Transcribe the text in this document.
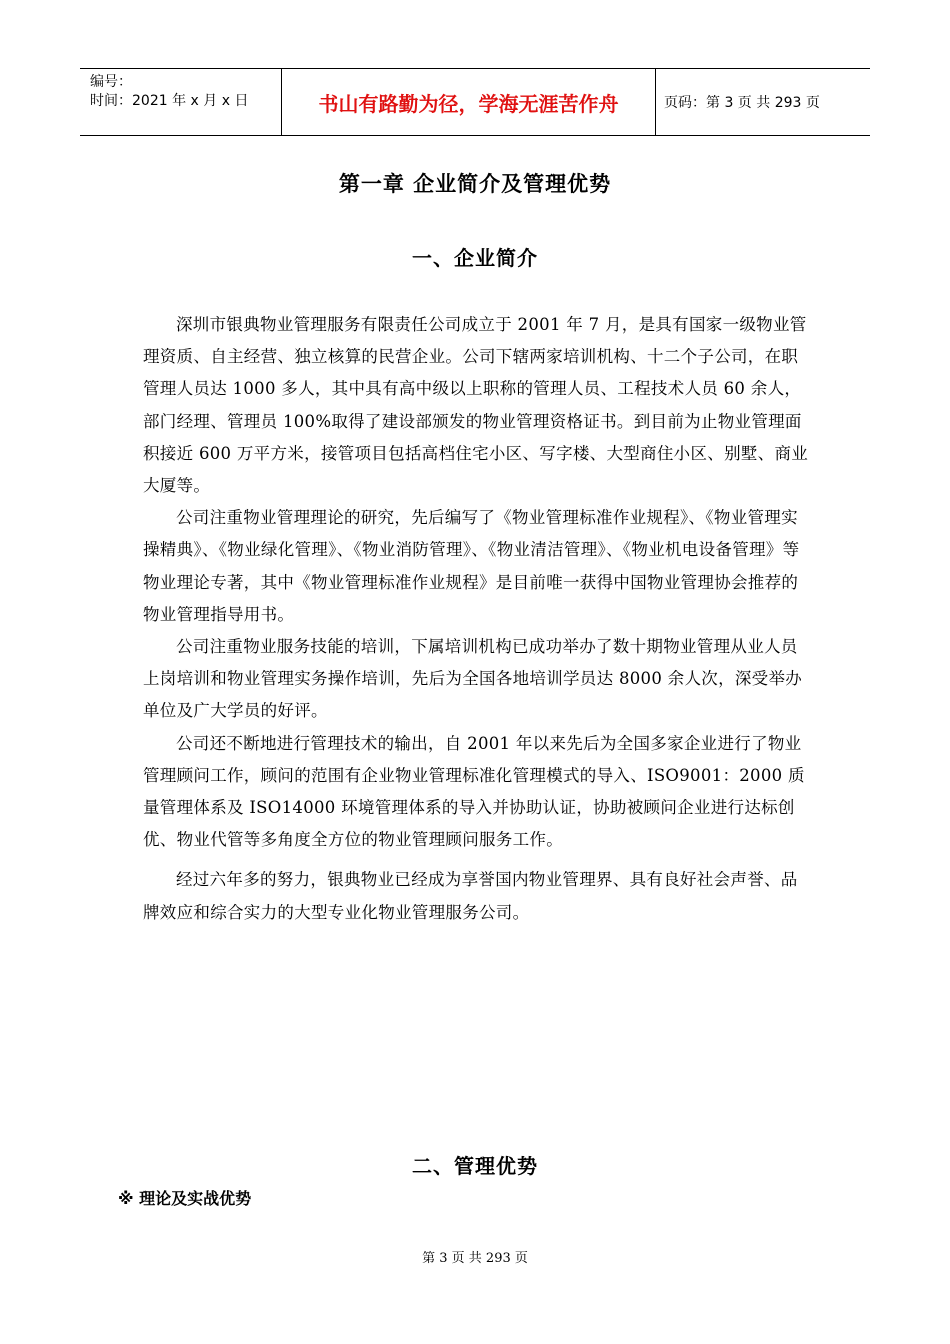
编号：
时间：2021 年 x 月 x 日	书山有路勤为径，学海无涯苦作舟	页码：第 3 页 共 293 页
第一章 企业简介及管理优势
一、企业简介

深圳市银典物业管理服务有限责任公司成立于 2001 年 7 月，是具有国家一级物业管理资质、自主经营、独立核算的民营企业。公司下辖两家培训机构、十二个子公司，在职管理人员达 1000 多人，其中具有高中级以上职称的管理人员、工程技术人员 60 余人，部门经理、管理员 100%取得了建设部颁发的物业管理资格证书。到目前为止物业管理面积接近 600 万平方米，接管项目包括高档住宅小区、写字楼、大型商住小区、别墅、商业大厦等。

公司注重物业管理理论的研究，先后编写了《物业管理标准作业规程》、《物业管理实操精典》、《物业绿化管理》、《物业消防管理》、《物业清洁管理》、《物业机电设备管理》等物业理论专著，其中《物业管理标准作业规程》是目前唯一获得中国物业管理协会推荐的物业管理指导用书。

公司注重物业服务技能的培训，下属培训机构已成功举办了数十期物业管理从业人员上岗培训和物业管理实务操作培训，先后为全国各地培训学员达 8000 余人次，深受举办单位及广大学员的好评。

公司还不断地进行管理技术的输出，自 2001 年以来先后为全国多家企业进行了物业管理顾问工作，顾问的范围有企业物业管理标准化管理模式的导入、ISO9001：2000 质量管理体系及 ISO14000 环境管理体系的导入并协助认证，协助被顾问企业进行达标创优、物业代管等多角度全方位的物业管理顾问服务工作。

经过六年多的努力，银典物业已经成为享誉国内物业管理界、具有良好社会声誉、品牌效应和综合实力的大型专业化物业管理服务公司。

二、管理优势
※ 理论及实战优势
第 3 页 共 293 页
